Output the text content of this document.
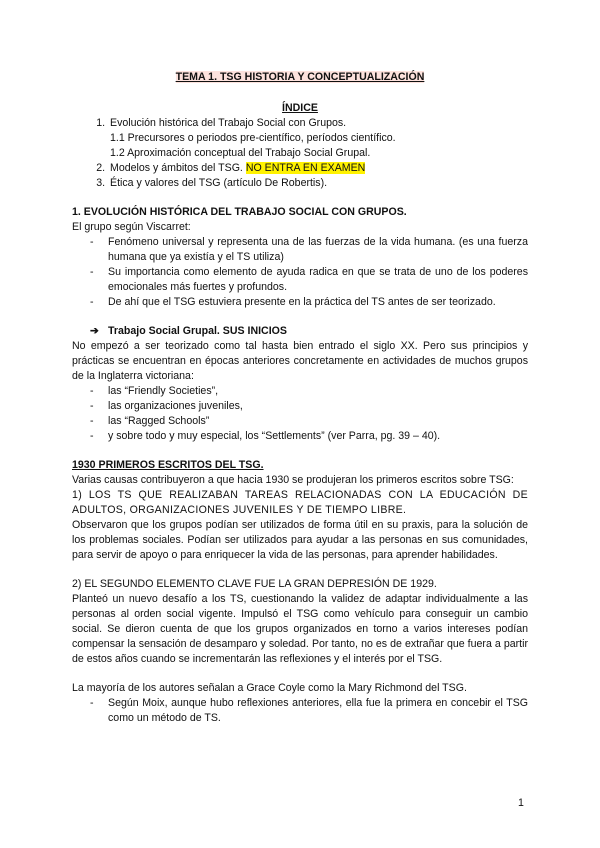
TEMA 1. TSG HISTORIA Y CONCEPTUALIZACIÓN
ÍNDICE
1. Evolución histórica del Trabajo Social con Grupos.
1.1 Precursores o periodos pre-científico, períodos científico.
1.2 Aproximación conceptual del Trabajo Social Grupal.
2. Modelos y ámbitos del TSG. NO ENTRA EN EXAMEN
3. Ética y valores del TSG (artículo De Robertis).
1. EVOLUCIÓN HISTÓRICA DEL TRABAJO SOCIAL CON GRUPOS.

El grupo según Viscarret:

- Fenómeno universal y representa una de las fuerzas de la vida humana. (es una fuerza humana que ya existía y el TS utiliza)
- Su importancia como elemento de ayuda radica en que se trata de uno de los poderes emocionales más fuertes y profundos.
- De ahí que el TSG estuviera presente en la práctica del TS antes de ser teorizado.
➔ Trabajo Social Grupal. SUS INICIOS

No empezó a ser teorizado como tal hasta bien entrado el siglo XX. Pero sus principios y prácticas se encuentran en épocas anteriores concretamente en actividades de muchos grupos de la Inglaterra victoriana:

- las “Friendly Societies”,
- las organizaciones juveniles,
- las “Ragged Schools”
- y sobre todo y muy especial, los “Settlements” (ver Parra, pg. 39 – 40).
1930 PRIMEROS ESCRITOS DEL TSG.

Varias causas contribuyeron a que hacia 1930 se produjeran los primeros escritos sobre TSG:

1) LOS TS QUE REALIZABAN TAREAS RELACIONADAS CON LA EDUCACIÓN DE ADULTOS, ORGANIZACIONES JUVENILES Y DE TIEMPO LIBRE.

Observaron que los grupos podían ser utilizados de forma útil en su praxis, para la solución de los problemas sociales. Podían ser utilizados para ayudar a las personas en sus comunidades, para servir de apoyo o para enriquecer la vida de las personas, para aprender habilidades.

2) EL SEGUNDO ELEMENTO CLAVE FUE LA GRAN DEPRESIÓN DE 1929.

Planteó un nuevo desafío a los TS, cuestionando la validez de adaptar individualmente a las personas al orden social vigente. Impulsó el TSG como vehículo para conseguir un cambio social. Se dieron cuenta de que los grupos organizados en torno a varios intereses podían compensar la sensación de desamparo y soledad. Por tanto, no es de extrañar que fuera a partir de estos años cuando se incrementarán las reflexiones y el interés por el TSG.

La mayoría de los autores señalan a Grace Coyle como la Mary Richmond del TSG.

- Según Moix, aunque hubo reflexiones anteriores, ella fue la primera en concebir el TSG como un método de TS.
1
